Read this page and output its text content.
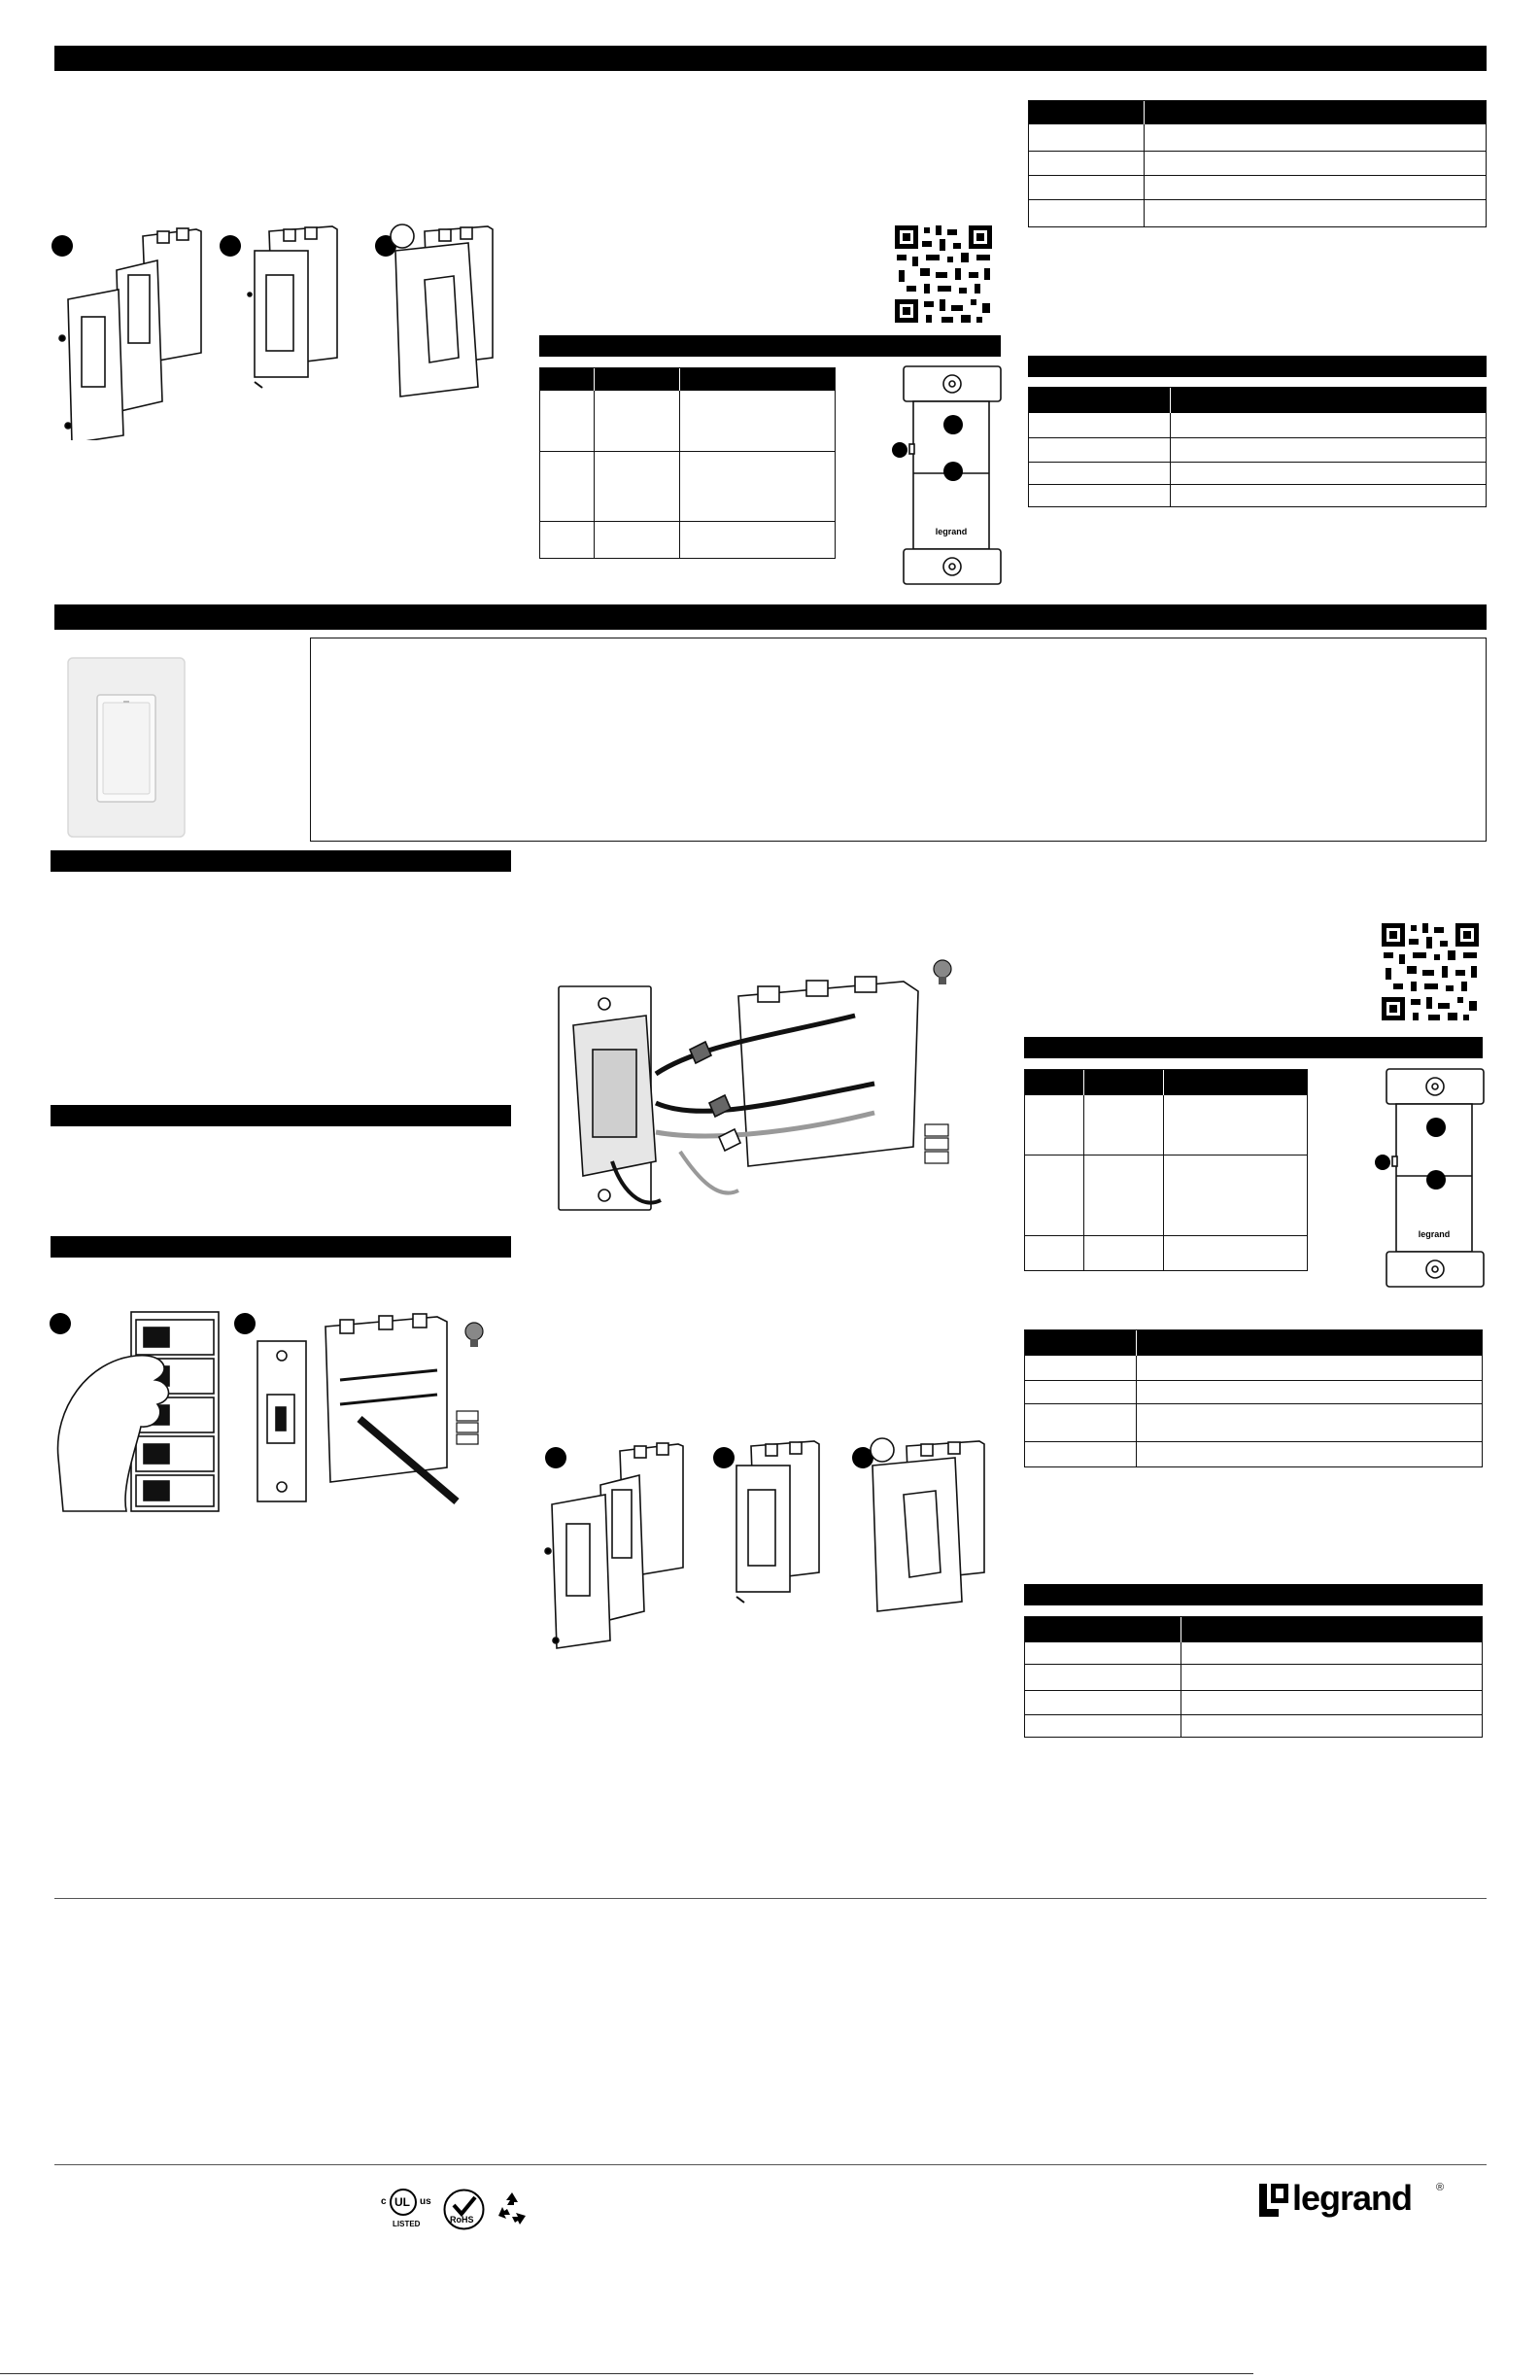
legrand
legrand
c UL us
LISTED	RoHS
legrand ®
